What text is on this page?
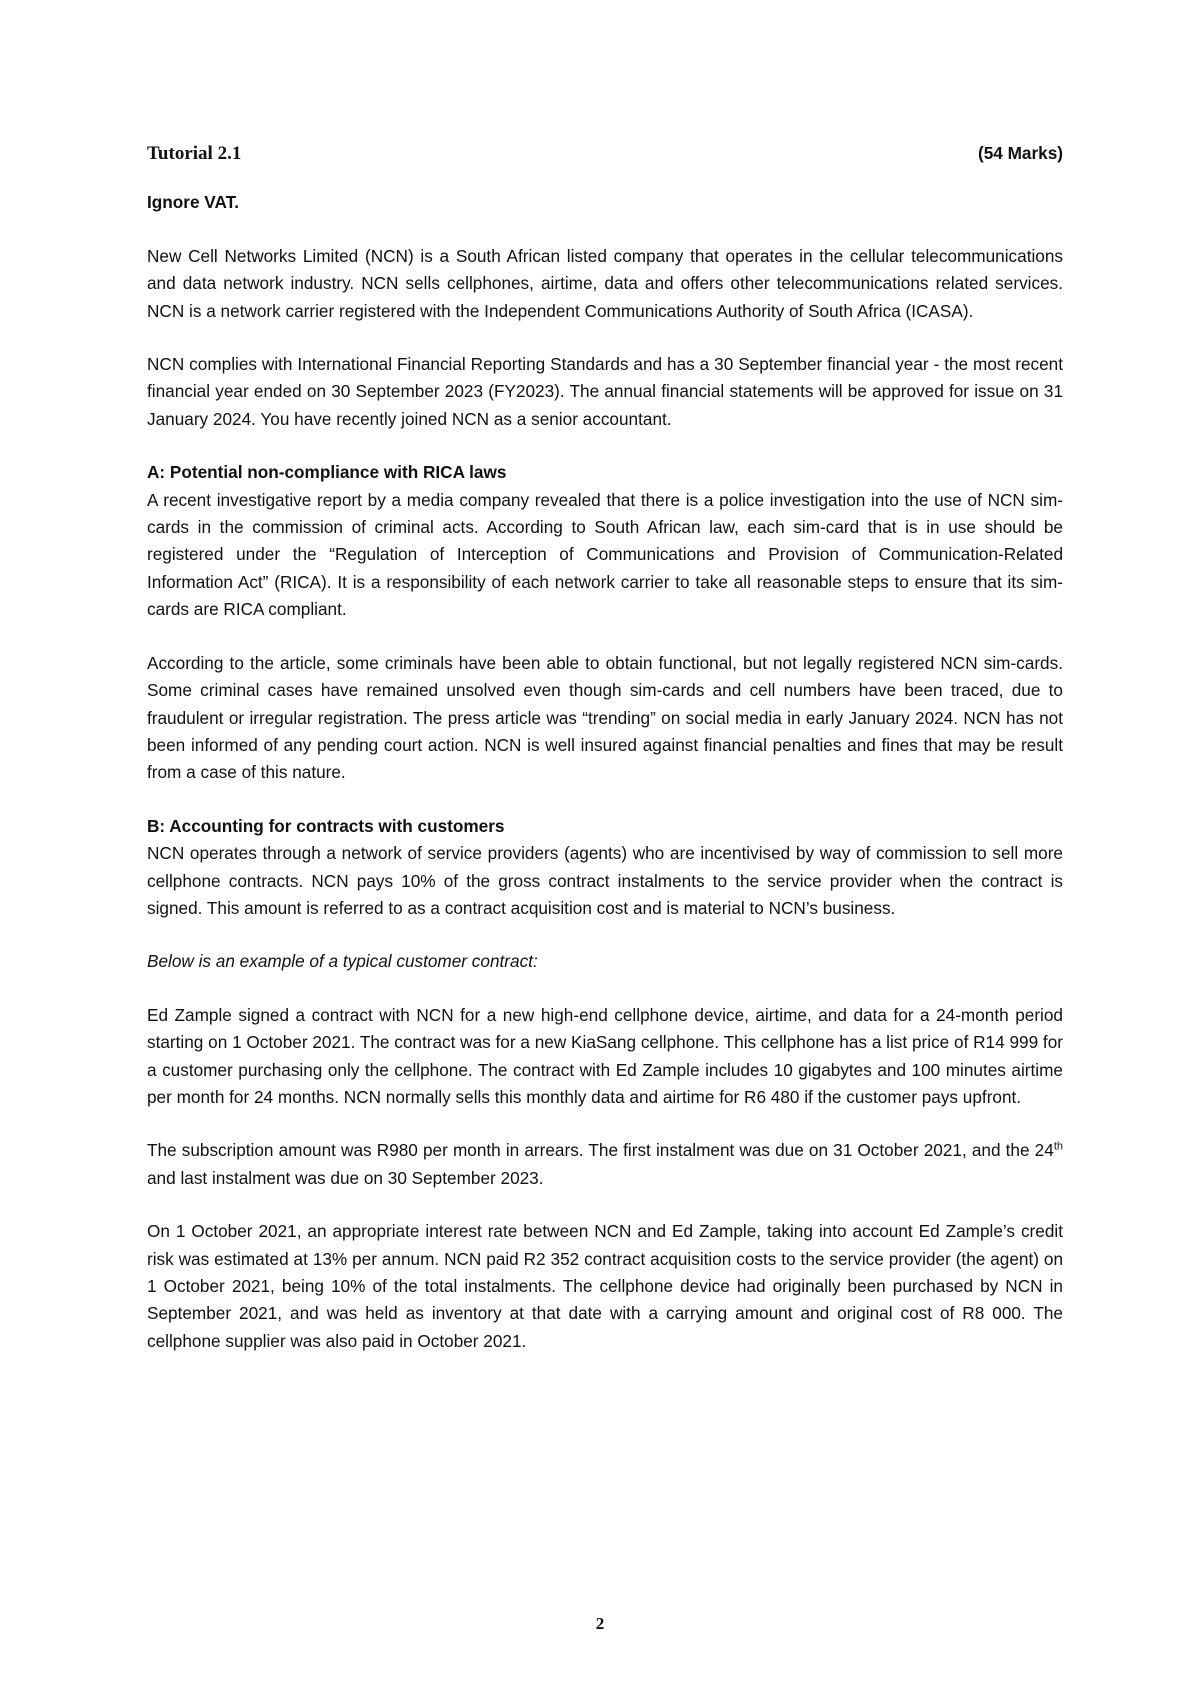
Tutorial 2.1	(54 Marks)

Ignore VAT.

New Cell Networks Limited (NCN) is a South African listed company that operates in the cellular telecommunications and data network industry. NCN sells cellphones, airtime, data and offers other telecommunications related services. NCN is a network carrier registered with the Independent Communications Authority of South Africa (ICASA).

NCN complies with International Financial Reporting Standards and has a 30 September financial year - the most recent financial year ended on 30 September 2023 (FY2023). The annual financial statements will be approved for issue on 31 January 2024. You have recently joined NCN as a senior accountant.

A: Potential non-compliance with RICA laws
A recent investigative report by a media company revealed that there is a police investigation into the use of NCN sim-cards in the commission of criminal acts. According to South African law, each sim-card that is in use should be registered under the “Regulation of Interception of Communications and Provision of Communication-Related Information Act” (RICA). It is a responsibility of each network carrier to take all reasonable steps to ensure that its sim-cards are RICA compliant.

According to the article, some criminals have been able to obtain functional, but not legally registered NCN sim-cards. Some criminal cases have remained unsolved even though sim-cards and cell numbers have been traced, due to fraudulent or irregular registration. The press article was “trending” on social media in early January 2024. NCN has not been informed of any pending court action. NCN is well insured against financial penalties and fines that may be result from a case of this nature.

B: Accounting for contracts with customers
NCN operates through a network of service providers (agents) who are incentivised by way of commission to sell more cellphone contracts. NCN pays 10% of the gross contract instalments to the service provider when the contract is signed. This amount is referred to as a contract acquisition cost and is material to NCN’s business.

Below is an example of a typical customer contract:

Ed Zample signed a contract with NCN for a new high-end cellphone device, airtime, and data for a 24-month period starting on 1 October 2021. The contract was for a new KiaSang cellphone. This cellphone has a list price of R14 999 for a customer purchasing only the cellphone. The contract with Ed Zample includes 10 gigabytes and 100 minutes airtime per month for 24 months. NCN normally sells this monthly data and airtime for R6 480 if the customer pays upfront.

The subscription amount was R980 per month in arrears. The first instalment was due on 31 October 2021, and the 24th and last instalment was due on 30 September 2023.

On 1 October 2021, an appropriate interest rate between NCN and Ed Zample, taking into account Ed Zample’s credit risk was estimated at 13% per annum. NCN paid R2 352 contract acquisition costs to the service provider (the agent) on 1 October 2021, being 10% of the total instalments. The cellphone device had originally been purchased by NCN in September 2021, and was held as inventory at that date with a carrying amount and original cost of R8 000. The cellphone supplier was also paid in October 2021.

2
